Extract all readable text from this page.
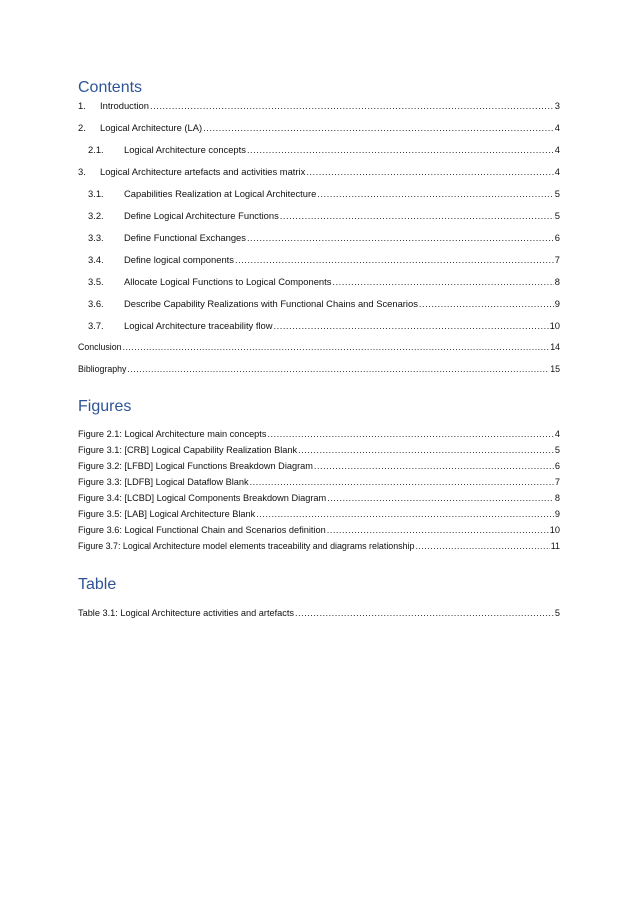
Contents
1.	Introduction .....	3
2.	Logical Architecture (LA) .....	4
2.1.	Logical Architecture concepts .....	4
3.	Logical Architecture artefacts and activities matrix .....	4
3.1.	Capabilities Realization at Logical Architecture .....	5
3.2.	Define Logical Architecture Functions .....	5
3.3.	Define Functional Exchanges .....	6
3.4.	Define logical components .....	7
3.5.	Allocate Logical Functions to Logical Components .....	8
3.6.	Describe Capability Realizations with Functional Chains and Scenarios .....	9
3.7.	Logical Architecture traceability flow .....	10
Conclusion .....	14
Bibliography .....	15
Figures
Figure 2.1: Logical Architecture main concepts .....	4
Figure 3.1: [CRB] Logical Capability Realization Blank .....	5
Figure 3.2: [LFBD] Logical Functions Breakdown Diagram .....	6
Figure 3.3: [LDFB] Logical Dataflow Blank .....	7
Figure 3.4: [LCBD] Logical Components Breakdown Diagram .....	8
Figure 3.5: [LAB] Logical Architecture Blank .....	9
Figure 3.6: Logical Functional Chain and Scenarios definition .....	10
Figure 3.7: Logical Architecture model elements traceability and diagrams relationship .....	11
Table
Table 3.1: Logical Architecture activities and artefacts .....	5
